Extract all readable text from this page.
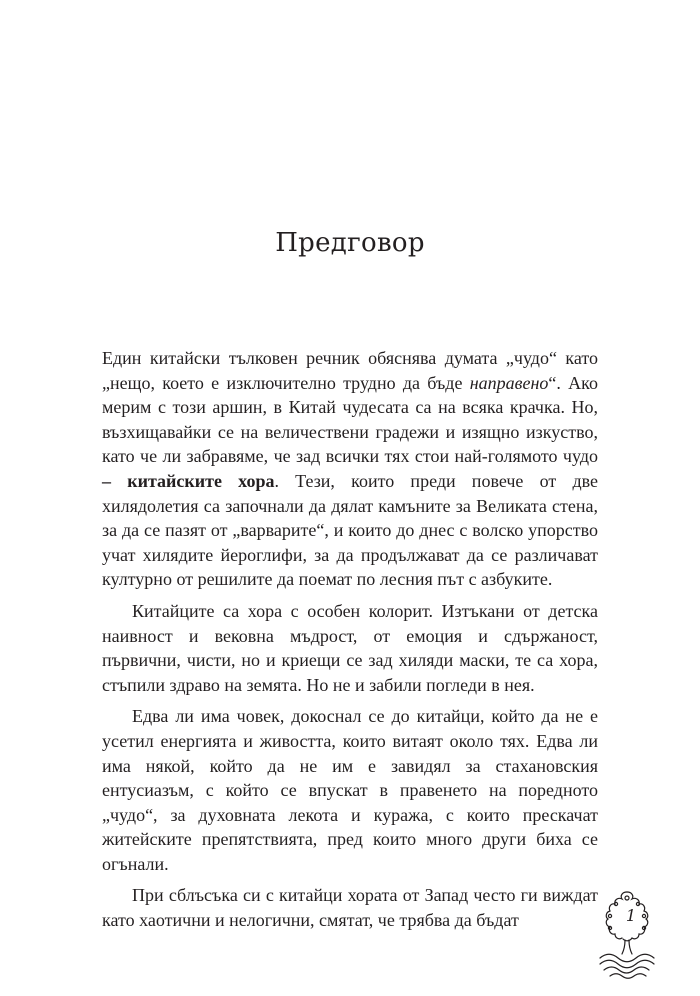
Предговор

Един китайски тълковен речник обяснява думата „чудо“ като „нещо, което е изключително трудно да бъде направено“. Ако мерим с този аршин, в Китай чудесата са на всяка крачка. Но, възхищавайки се на величествени градежи и изящно изкуство, като че ли забравяме, че зад всички тях стои най-голямото чудо – китайските хора. Тези, които преди повече от две хилядолетия са започнали да дялат камъните за Великата стена, за да се пазят от „варварите“, и които до днес с волско упорство учат хилядите йероглифи, за да продължават да се различават културно от решилите да поемат по лесния път с азбуките.

Китайците са хора с особен колорит. Изтъкани от детска наивност и вековна мъдрост, от емоция и сдържаност, първични, чисти, но и криещи се зад хиляди маски, те са хора, стъпили здраво на земята. Но не и забили погледи в нея.

Едва ли има човек, докоснал се до китайци, който да не е усетил енергията и живостта, които витаят около тях. Едва ли има някой, който да не им е завидял за стахановския ентусиазъм, с който се впускат в правенето на поредното „чудо“, за духовната лекота и куража, с които прескачат житейските препятствията, пред които много други биха се огънали.

При сблъсъка си с китайци хората от Запад често ги виждат като хаотични и нелогични, смятат, че трябва да бъдат	1
